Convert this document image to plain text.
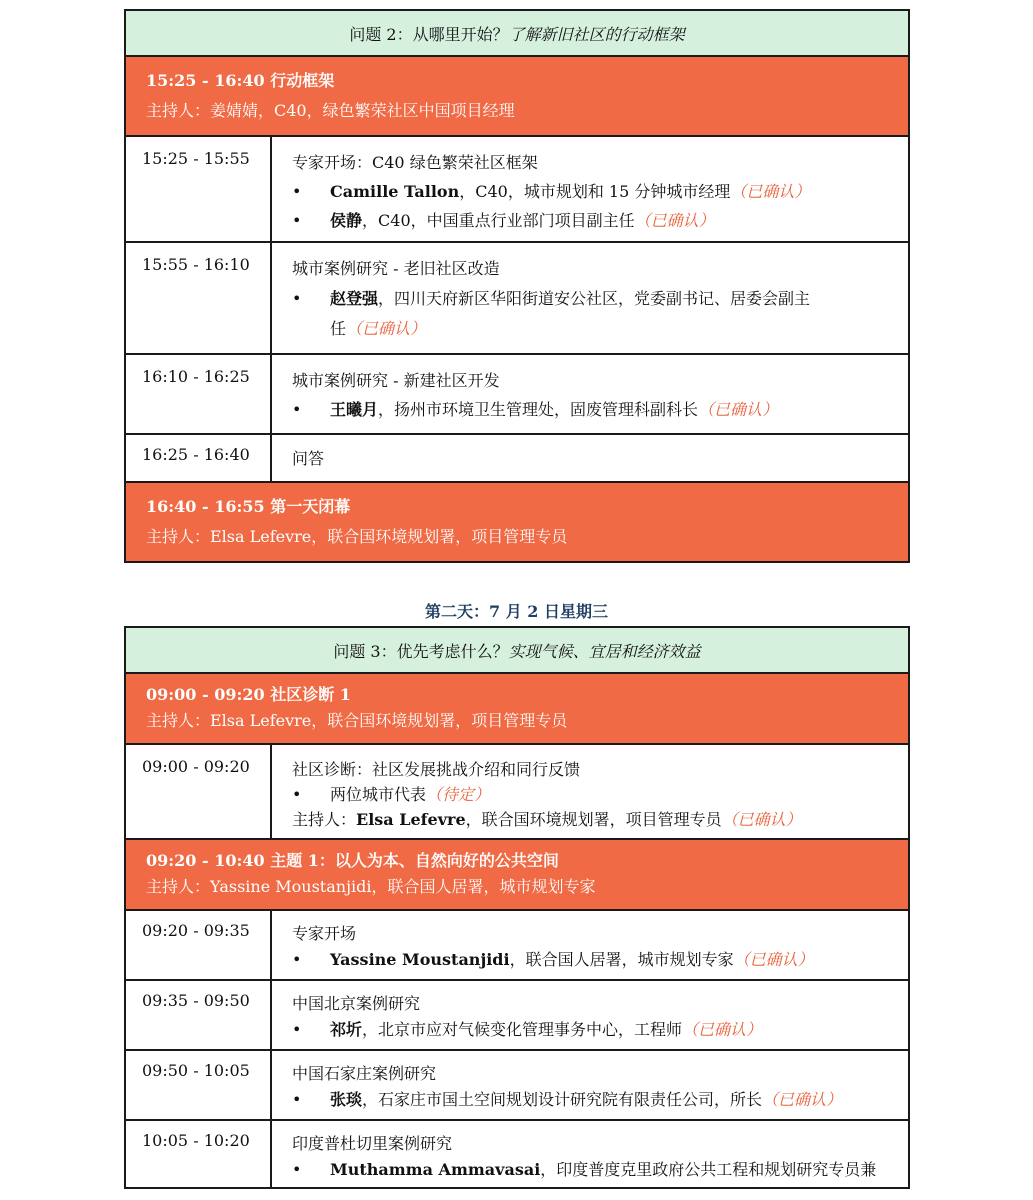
问题 2：从哪里开始？ 了解新旧社区的行动框架
15:25 - 16:40 行动框架
主持人：姜婧婧，C40，绿色繁荣社区中国项目经理
15:25 - 15:55	专家开场：C40 绿色繁荣社区框架
•	Camille Tallon，C40，城市规划和 15 分钟城市经理（已确认）
•	侯静，C40，中国重点行业部门项目副主任（已确认）
15:55 - 16:10	城市案例研究 - 老旧社区改造
•	赵登强，四川天府新区华阳街道安公社区，党委副书记、居委会副主
任（已确认）
16:10 - 16:25	城市案例研究 - 新建社区开发
•	王曦月，扬州市环境卫生管理处，固废管理科副科长（已确认）
16:25 - 16:40	问答
16:40 - 16:55 第一天闭幕
主持人：Elsa Lefevre，联合国环境规划署，项目管理专员
第二天：7 月 2 日星期三
问题 3：优先考虑什么？ 实现气候、宜居和经济效益
09:00 - 09:20 社区诊断 1
主持人：Elsa Lefevre，联合国环境规划署，项目管理专员
09:00 - 09:20	社区诊断：社区发展挑战介绍和同行反馈
•	两位城市代表（待定）
主持人：Elsa Lefevre，联合国环境规划署，项目管理专员（已确认）
09:20 - 10:40 主题 1：以人为本、自然向好的公共空间
主持人：Yassine Moustanjidi，联合国人居署，城市规划专家
09:20 - 09:35	专家开场
•	Yassine Moustanjidi，联合国人居署，城市规划专家（已确认）
09:35 - 09:50	中国北京案例研究
•	祁圻，北京市应对气候变化管理事务中心，工程师（已确认）
09:50 - 10:05	中国石家庄案例研究
•	张琰，石家庄市国土空间规划设计研究院有限责任公司，所长（已确认）
10:05 - 10:20	印度普杜切里案例研究
•	Muthamma Ammavasai，印度普度克里政府公共工程和规划研究专员兼
